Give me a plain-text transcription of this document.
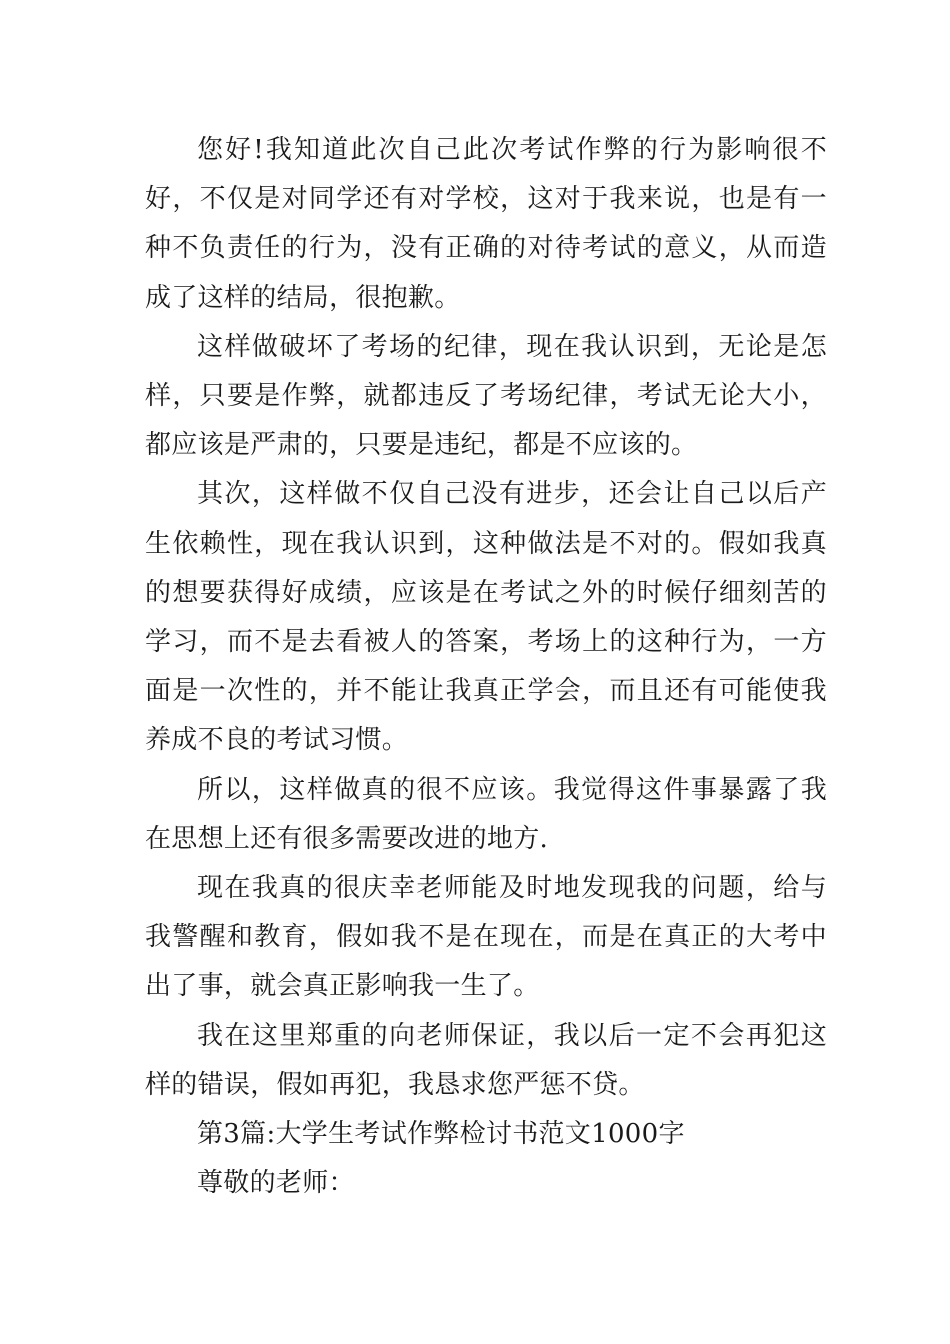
您好!我知道此次自己此次考试作弊的行为影响很不好，不仅是对同学还有对学校，这对于我来说，也是有一种不负责任的行为，没有正确的对待考试的意义，从而造成了这样的结局，很抱歉。

这样做破坏了考场的纪律，现在我认识到，无论是怎样，只要是作弊，就都违反了考场纪律，考试无论大小，都应该是严肃的，只要是违纪，都是不应该的。

其次，这样做不仅自己没有进步，还会让自己以后产生依赖性，现在我认识到，这种做法是不对的。假如我真的想要获得好成绩，应该是在考试之外的时候仔细刻苦的学习，而不是去看被人的答案，考场上的这种行为，一方面是一次性的，并不能让我真正学会，而且还有可能使我养成不良的考试习惯。

所以，这样做真的很不应该。我觉得这件事暴露了我在思想上还有很多需要改进的地方.

现在我真的很庆幸老师能及时地发现我的问题，给与我警醒和教育，假如我不是在现在，而是在真正的大考中出了事，就会真正影响我一生了。

我在这里郑重的向老师保证，我以后一定不会再犯这样的错误，假如再犯，我恳求您严惩不贷。

第3篇:大学生考试作弊检讨书范文1000字

尊敬的老师：
